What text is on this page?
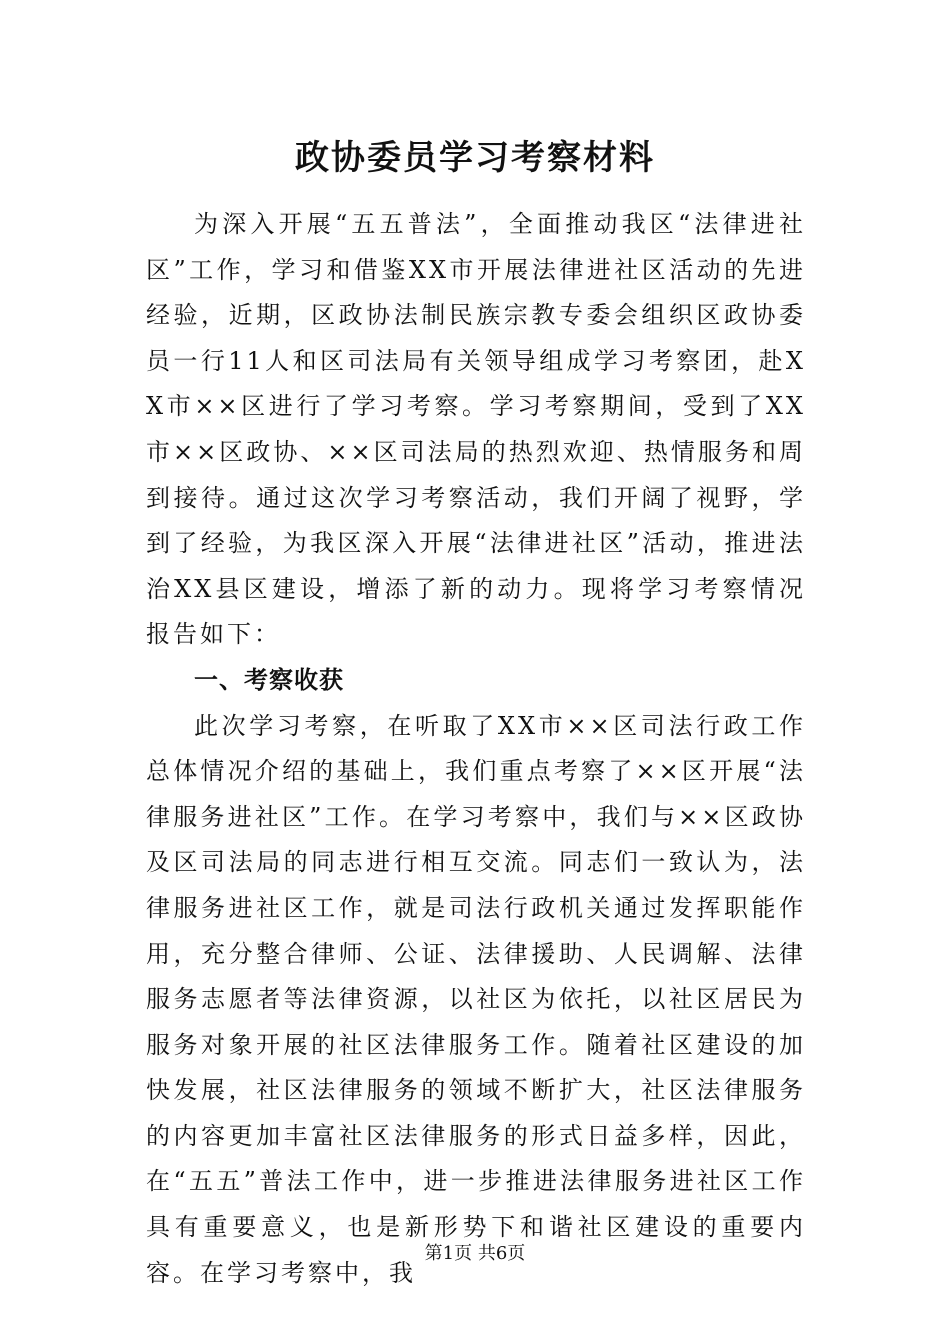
政协委员学习考察材料

为深入开展“五五普法”，全面推动我区“法律进社区”工作，学习和借鉴XX市开展法律进社区活动的先进经验，近期，区政协法制民族宗教专委会组织区政协委员一行11人和区司法局有关领导组成学习考察团，赴XX市××区进行了学习考察。学习考察期间，受到了XX市××区政协、××区司法局的热烈欢迎、热情服务和周到接待。通过这次学习考察活动，我们开阔了视野，学到了经验，为我区深入开展“法律进社区”活动，推进法治XX县区建设，增添了新的动力。现将学习考察情况报告如下：

一、考察收获

此次学习考察，在听取了XX市××区司法行政工作总体情况介绍的基础上，我们重点考察了××区开展“法律服务进社区”工作。在学习考察中，我们与××区政协及区司法局的同志进行相互交流。同志们一致认为，法律服务进社区工作，就是司法行政机关通过发挥职能作用，充分整合律师、公证、法律援助、人民调解、法律服务志愿者等法律资源，以社区为依托，以社区居民为服务对象开展的社区法律服务工作。随着社区建设的加快发展，社区法律服务的领域不断扩大，社区法律服务的内容更加丰富社区法律服务的形式日益多样，因此，在“五五”普法工作中，进一步推进法律服务进社区工作具有重要意义，也是新形势下和谐社区建设的重要内容。在学习考察中，我

第1页 共6页
